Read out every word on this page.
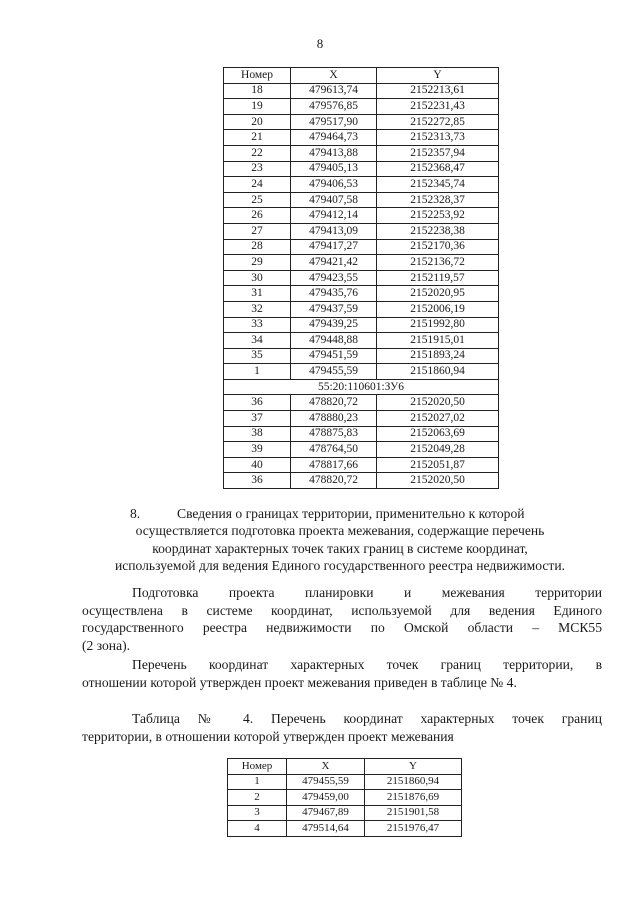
8
Номер	X	Y
18	479613,74	2152213,61
19	479576,85	2152231,43
20	479517,90	2152272,85
21	479464,73	2152313,73
22	479413,88	2152357,94
23	479405,13	2152368,47
24	479406,53	2152345,74
25	479407,58	2152328,37
26	479412,14	2152253,92
27	479413,09	2152238,38
28	479417,27	2152170,36
29	479421,42	2152136,72
30	479423,55	2152119,57
31	479435,76	2152020,95
32	479437,59	2152006,19
33	479439,25	2151992,80
34	479448,88	2151915,01
35	479451,59	2151893,24
1	479455,59	2151860,94
55:20:110601:ЗУ6		
36	478820,72	2152020,50
37	478880,23	2152027,02
38	478875,83	2152063,69
39	478764,50	2152049,28
40	478817,66	2152051,87
36	478820,72	2152020,50
8.	Сведения о границах территории, применительно к которой
осуществляется подготовка проекта межевания, содержащие перечень
координат характерных точек таких границ в системе координат,
используемой для ведения Единого государственного реестра недвижимости.
Подготовка проекта планировки и межевания территории
осуществлена в системе координат, используемой для ведения Единого
государственного реестра недвижимости по Омской области – МСК55
(2 зона).
Перечень координат характерных точек границ территории, в
отношении которой утвержден проект межевания приведен в таблице № 4.
Таблица № 4. Перечень координат характерных точек границ
территории, в отношении которой утвержден проект межевания
Номер	X	Y
1	479455,59	2151860,94
2	479459,00	2151876,69
3	479467,89	2151901,58
4	479514,64	2151976,47
